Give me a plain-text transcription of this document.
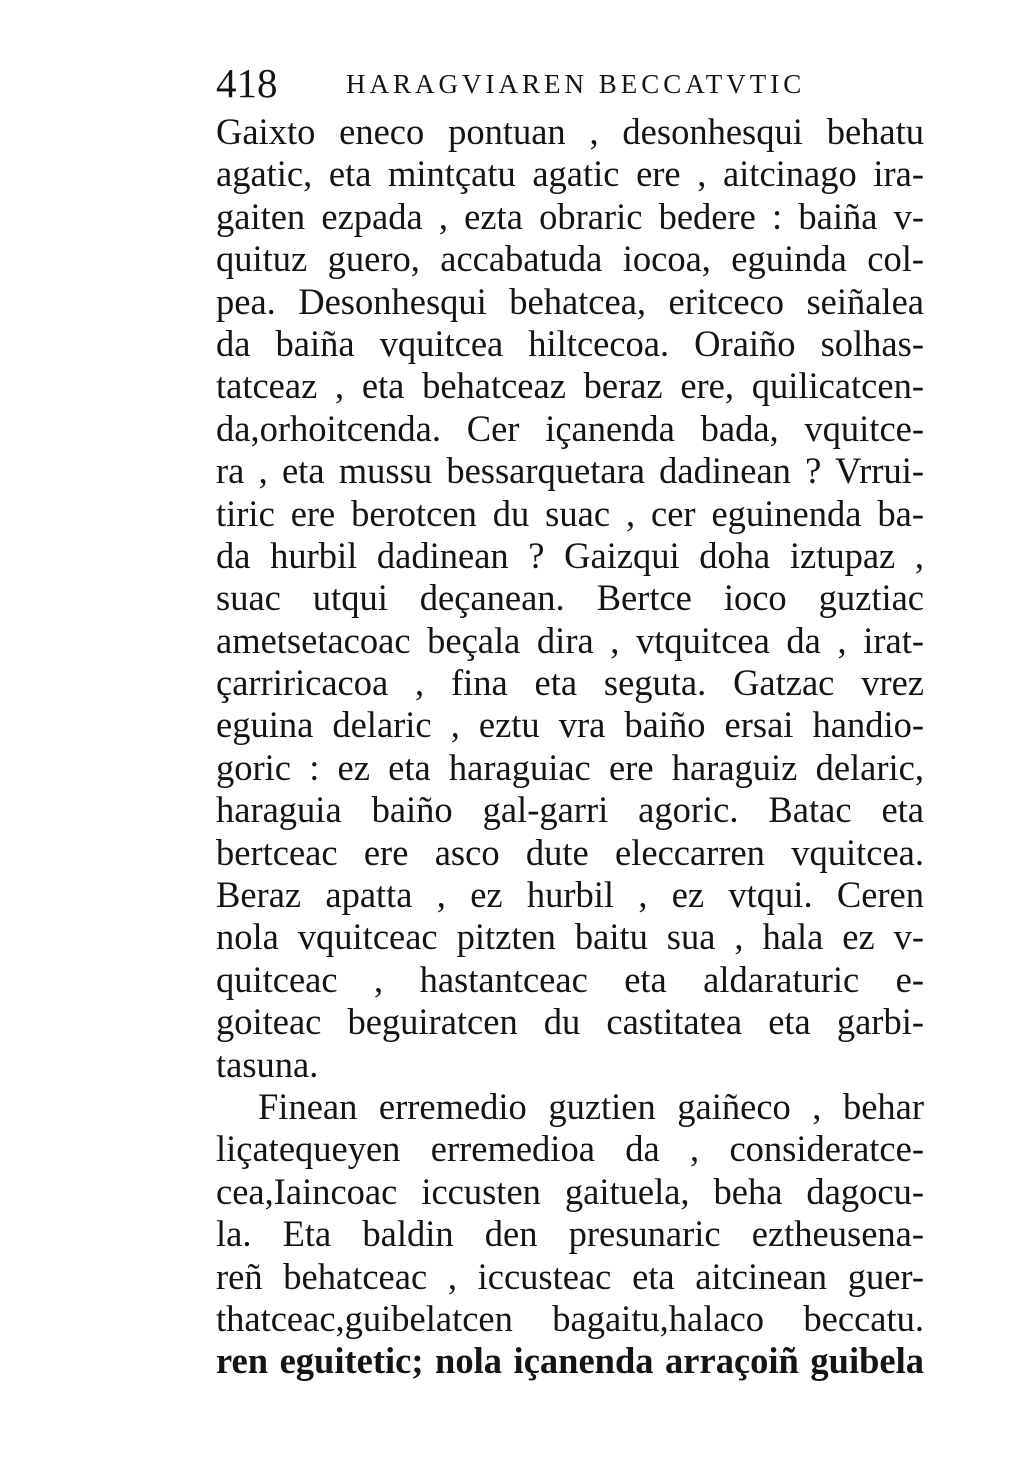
418	HARAGVIAREN BECCATVTIC
Gaixto eneco pontuan , desonhesqui behatu
agatic, eta mintçatu agatic ere , aitcinago ira-
gaiten ezpada , ezta obraric bedere : baiña v-
quituz guero, accabatuda iocoa, eguinda col-
pea. Desonhesqui behatcea, eritceco seiñalea
da baiña vquitcea hiltcecoa. Oraiño solhas-
tatceaz , eta behatceaz beraz ere, quilicatcen-
da,orhoitcenda. Cer içanenda bada, vquitce-
ra , eta mussu bessarquetara dadinean ? Vrrui-
tiric ere berotcen du suac , cer eguinenda ba-
da hurbil dadinean ? Gaizqui doha iztupaz ,
suac utqui deçanean. Bertce ioco guztiac
ametsetacoac beçala dira , vtquitcea da , irat-
çarriricacoa , fina eta seguta. Gatzac vrez
eguina delaric , eztu vra baiño ersai handio-
goric : ez eta haraguiac ere haraguiz delaric,
haraguia baiño gal-garri agoric. Batac eta
bertceac ere asco dute eleccarren vquitcea.
Beraz apatta , ez hurbil , ez vtqui. Ceren
nola vquitceac pitzten baitu sua , hala ez v-
quitceac , hastantceac eta aldaraturic e-
goiteac beguiratcen du castitatea eta garbi-
tasuna.
Finean erremedio guztien gaiñeco , behar
liçatequeyen erremedioa da , consideratce-
cea,Iaincoac iccusten gaituela, beha dagocu-
la. Eta baldin den presunaric eztheusena-
reñ behatceac , iccusteac eta aitcinean guer-
thatceac,guibelatcen bagaitu,halaco beccatu.
ren eguitetic; nola içanenda arraçoiñ guibela
